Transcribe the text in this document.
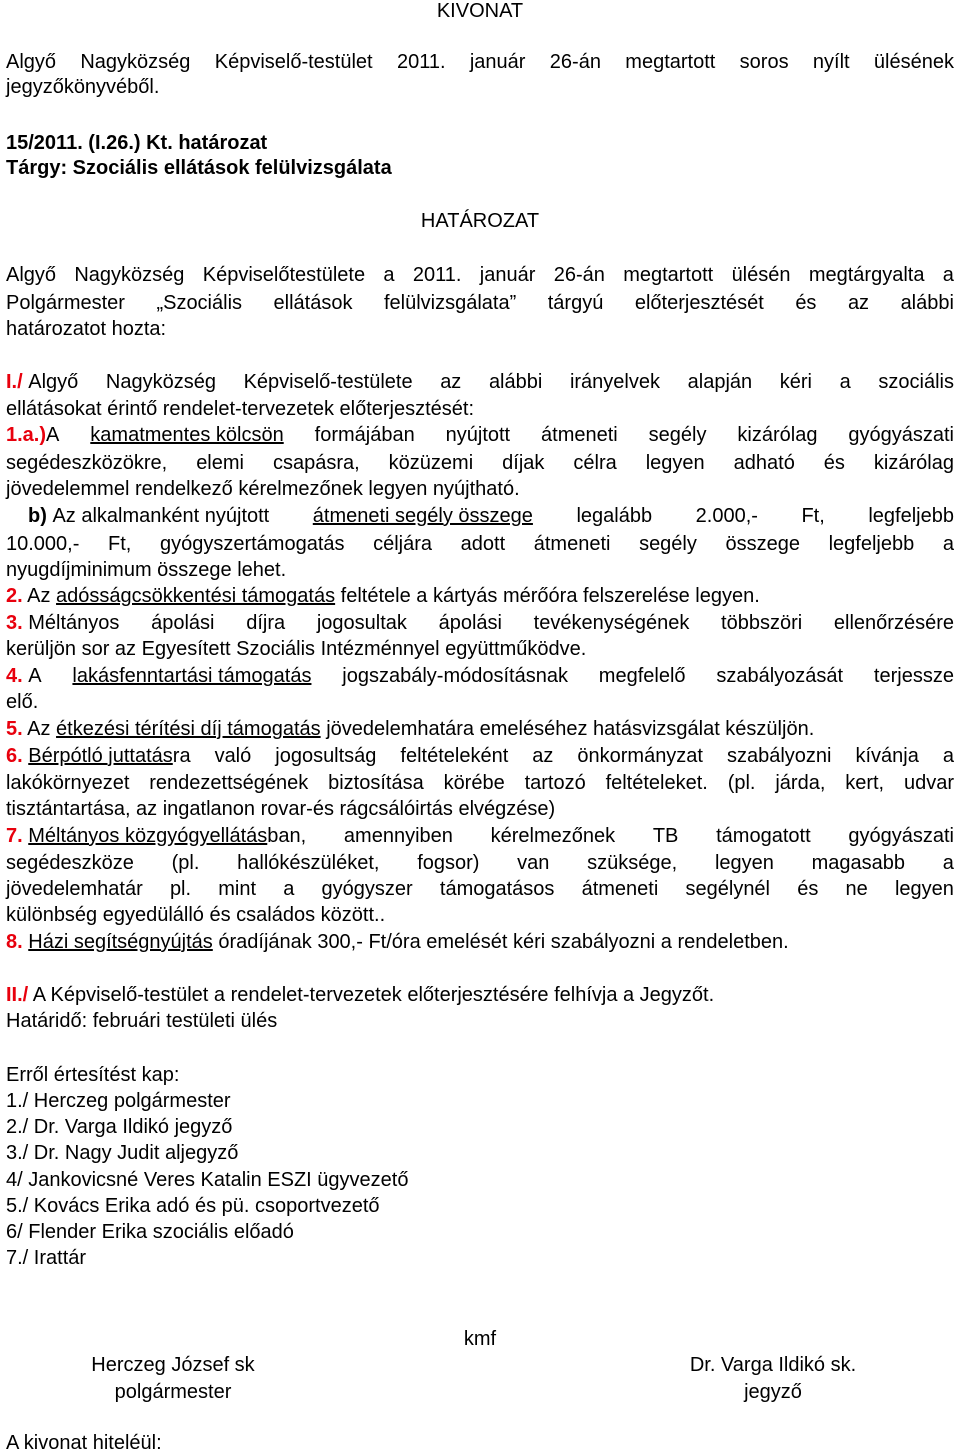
KIVONAT
Algyő Nagyközség Képviselő-testület 2011. január 26-án megtartott soros nyílt ülésének
jegyzőkönyvéből.
15/2011. (I.26.) Kt. határozat
Tárgy: Szociális ellátások felülvizsgálata
HATÁROZAT
Algyő Nagyközség Képviselőtestülete a 2011. január 26-án megtartott ülésén megtárgyalta a
Polgármester „Szociális ellátások felülvizsgálata” tárgyú előterjesztését és az alábbi
határozatot hozta:
I./ Algyő Nagyközség Képviselő-testülete az alábbi irányelvek alapján kéri a szociális
ellátásokat érintő rendelet-tervezetek előterjesztését:
1.a.)A kamatmentes kölcsön formájában nyújtott átmeneti segély kizárólag gyógyászati
segédeszközökre, elemi csapásra, közüzemi díjak célra legyen adható és kizárólag
jövedelemmel rendelkező kérelmezőnek legyen nyújtható.
b) Az alkalmanként nyújtott átmeneti segély összege legalább 2.000,- Ft, legfeljebb
10.000,- Ft, gyógyszertámogatás céljára adott átmeneti segély összege legfeljebb a
nyugdíjminimum összege lehet.
2. Az adósságcsökkentési támogatás feltétele a kártyás mérőóra felszerelése legyen.
3. Méltányos ápolási díjra jogosultak ápolási tevékenységének többszöri ellenőrzésére
kerüljön sor az Egyesített Szociális Intézménnyel együttműködve.
4. A lakásfenntartási támogatás jogszabály-módosításnak megfelelő szabályozását terjessze
elő.
5. Az étkezési térítési díj támogatás jövedelemhatára emeléséhez hatásvizsgálat készüljön.
6. Bérpótló juttatásra való jogosultság feltételeként az önkormányzat szabályozni kívánja a
lakókörnyezet rendezettségének biztosítása körébe tartozó feltételeket. (pl. járda, kert, udvar
tisztántartása, az ingatlanon rovar-és rágcsálóirtás elvégzése)
7. Méltányos közgyógyellátásban, amennyiben kérelmezőnek TB támogatott gyógyászati
segédeszköze (pl. hallókészüléket, fogsor) van szüksége, legyen magasabb a
jövedelemhatár pl. mint a gyógyszer támogatásos átmeneti segélynél és ne legyen
különbség egyedülálló és családos között..
8. Házi segítségnyújtás óradíjának 300,- Ft/óra emelését kéri szabályozni a rendeletben.
II./ A Képviselő-testület a rendelet-tervezetek előterjesztésére felhívja a Jegyzőt.
Határidő: februári testületi ülés
Erről értesítést kap:
1./ Herczeg polgármester
2./ Dr. Varga Ildikó jegyző
3./ Dr. Nagy Judit aljegyző
4/ Jankovicsné Veres Katalin ESZI ügyvezető
5./ Kovács Erika adó és pü. csoportvezető
6/ Flender Erika szociális előadó
7./ Irattár
kmf
Herczeg József sk
polgármester
Dr. Varga Ildikó sk.
jegyző
A kivonat hiteléül:
